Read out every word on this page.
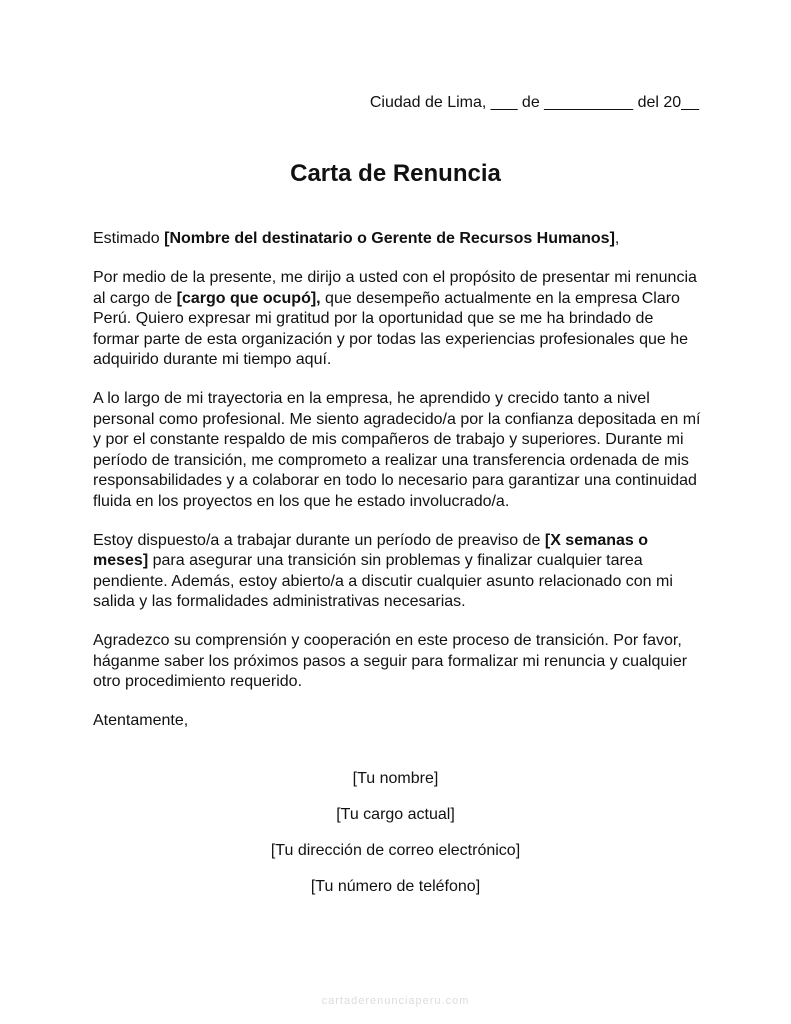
Ciudad de Lima, ___ de __________ del 20__
Carta de Renuncia

Estimado [Nombre del destinatario o Gerente de Recursos Humanos],

Por medio de la presente, me dirijo a usted con el propósito de presentar mi renuncia al cargo de [cargo que ocupó], que desempeño actualmente en la empresa Claro Perú. Quiero expresar mi gratitud por la oportunidad que se me ha brindado de formar parte de esta organización y por todas las experiencias profesionales que he adquirido durante mi tiempo aquí.

A lo largo de mi trayectoria en la empresa, he aprendido y crecido tanto a nivel personal como profesional. Me siento agradecido/a por la confianza depositada en mí y por el constante respaldo de mis compañeros de trabajo y superiores. Durante mi período de transición, me comprometo a realizar una transferencia ordenada de mis responsabilidades y a colaborar en todo lo necesario para garantizar una continuidad fluida en los proyectos en los que he estado involucrado/a.

Estoy dispuesto/a a trabajar durante un período de preaviso de [X semanas o meses] para asegurar una transición sin problemas y finalizar cualquier tarea pendiente. Además, estoy abierto/a a discutir cualquier asunto relacionado con mi salida y las formalidades administrativas necesarias.

Agradezco su comprensión y cooperación en este proceso de transición. Por favor, háganme saber los próximos pasos a seguir para formalizar mi renuncia y cualquier otro procedimiento requerido.

Atentamente,

[Tu nombre]
[Tu cargo actual]
[Tu dirección de correo electrónico]
[Tu número de teléfono]
cartaderenunciaperu.com
